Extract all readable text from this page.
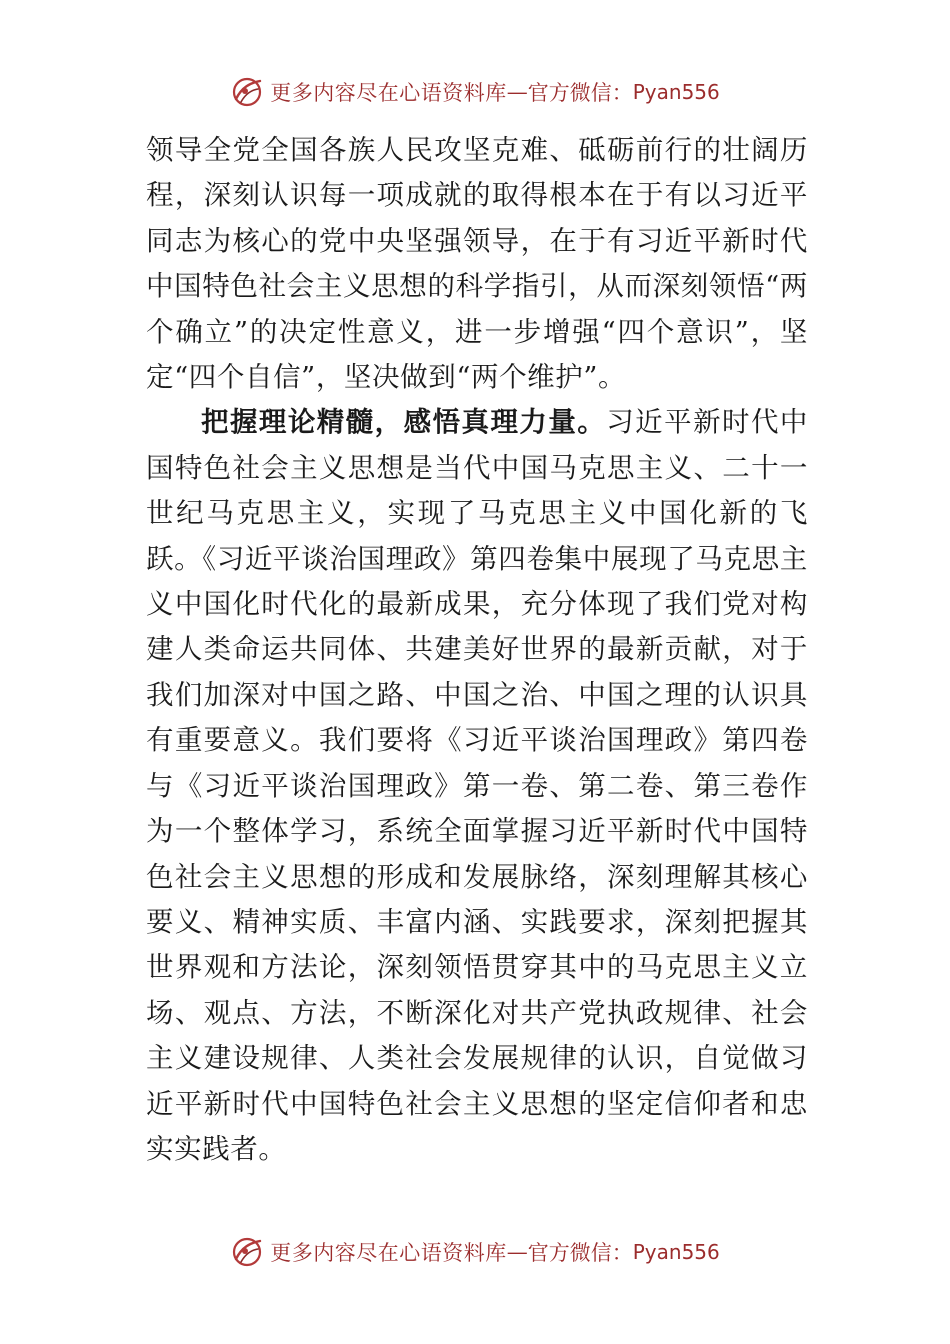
更多内容尽在心语资料库 — 官方微信： Pyan556

领导全党全国各族人民攻坚克难、砥砺前行的壮阔历程，深刻认识每一项成就的取得根本在于有以习近平同志为核心的党中央坚强领导，在于有习近平新时代中国特色社会主义思想的科学指引，从而深刻领悟“两个确立”的决定性意义，进一步增强“四个意识”，坚定“四个自信”，坚决做到“两个维护”。

把握理论精髓，感悟真理力量。习近平新时代中国特色社会主义思想是当代中国马克思主义、二十一世纪马克思主义，实现了马克思主义中国化新的飞跃。《习近平谈治国理政》第四卷集中展现了马克思主义中国化时代化的最新成果，充分体现了我们党对构建人类命运共同体、共建美好世界的最新贡献，对于我们加深对中国之路、中国之治、中国之理的认识具有重要意义。我们要将《习近平谈治国理政》第四卷与《习近平谈治国理政》第一卷、第二卷、第三卷作为一个整体学习，系统全面掌握习近平新时代中国特色社会主义思想的形成和发展脉络，深刻理解其核心要义、精神实质、丰富内涵、实践要求，深刻把握其世界观和方法论，深刻领悟贯穿其中的马克思主义立场、观点、方法，不断深化对共产党执政规律、社会主义建设规律、人类社会发展规律的认识，自觉做习近平新时代中国特色社会主义思想的坚定信仰者和忠实实践者。

更多内容尽在心语资料库 — 官方微信： Pyan556
